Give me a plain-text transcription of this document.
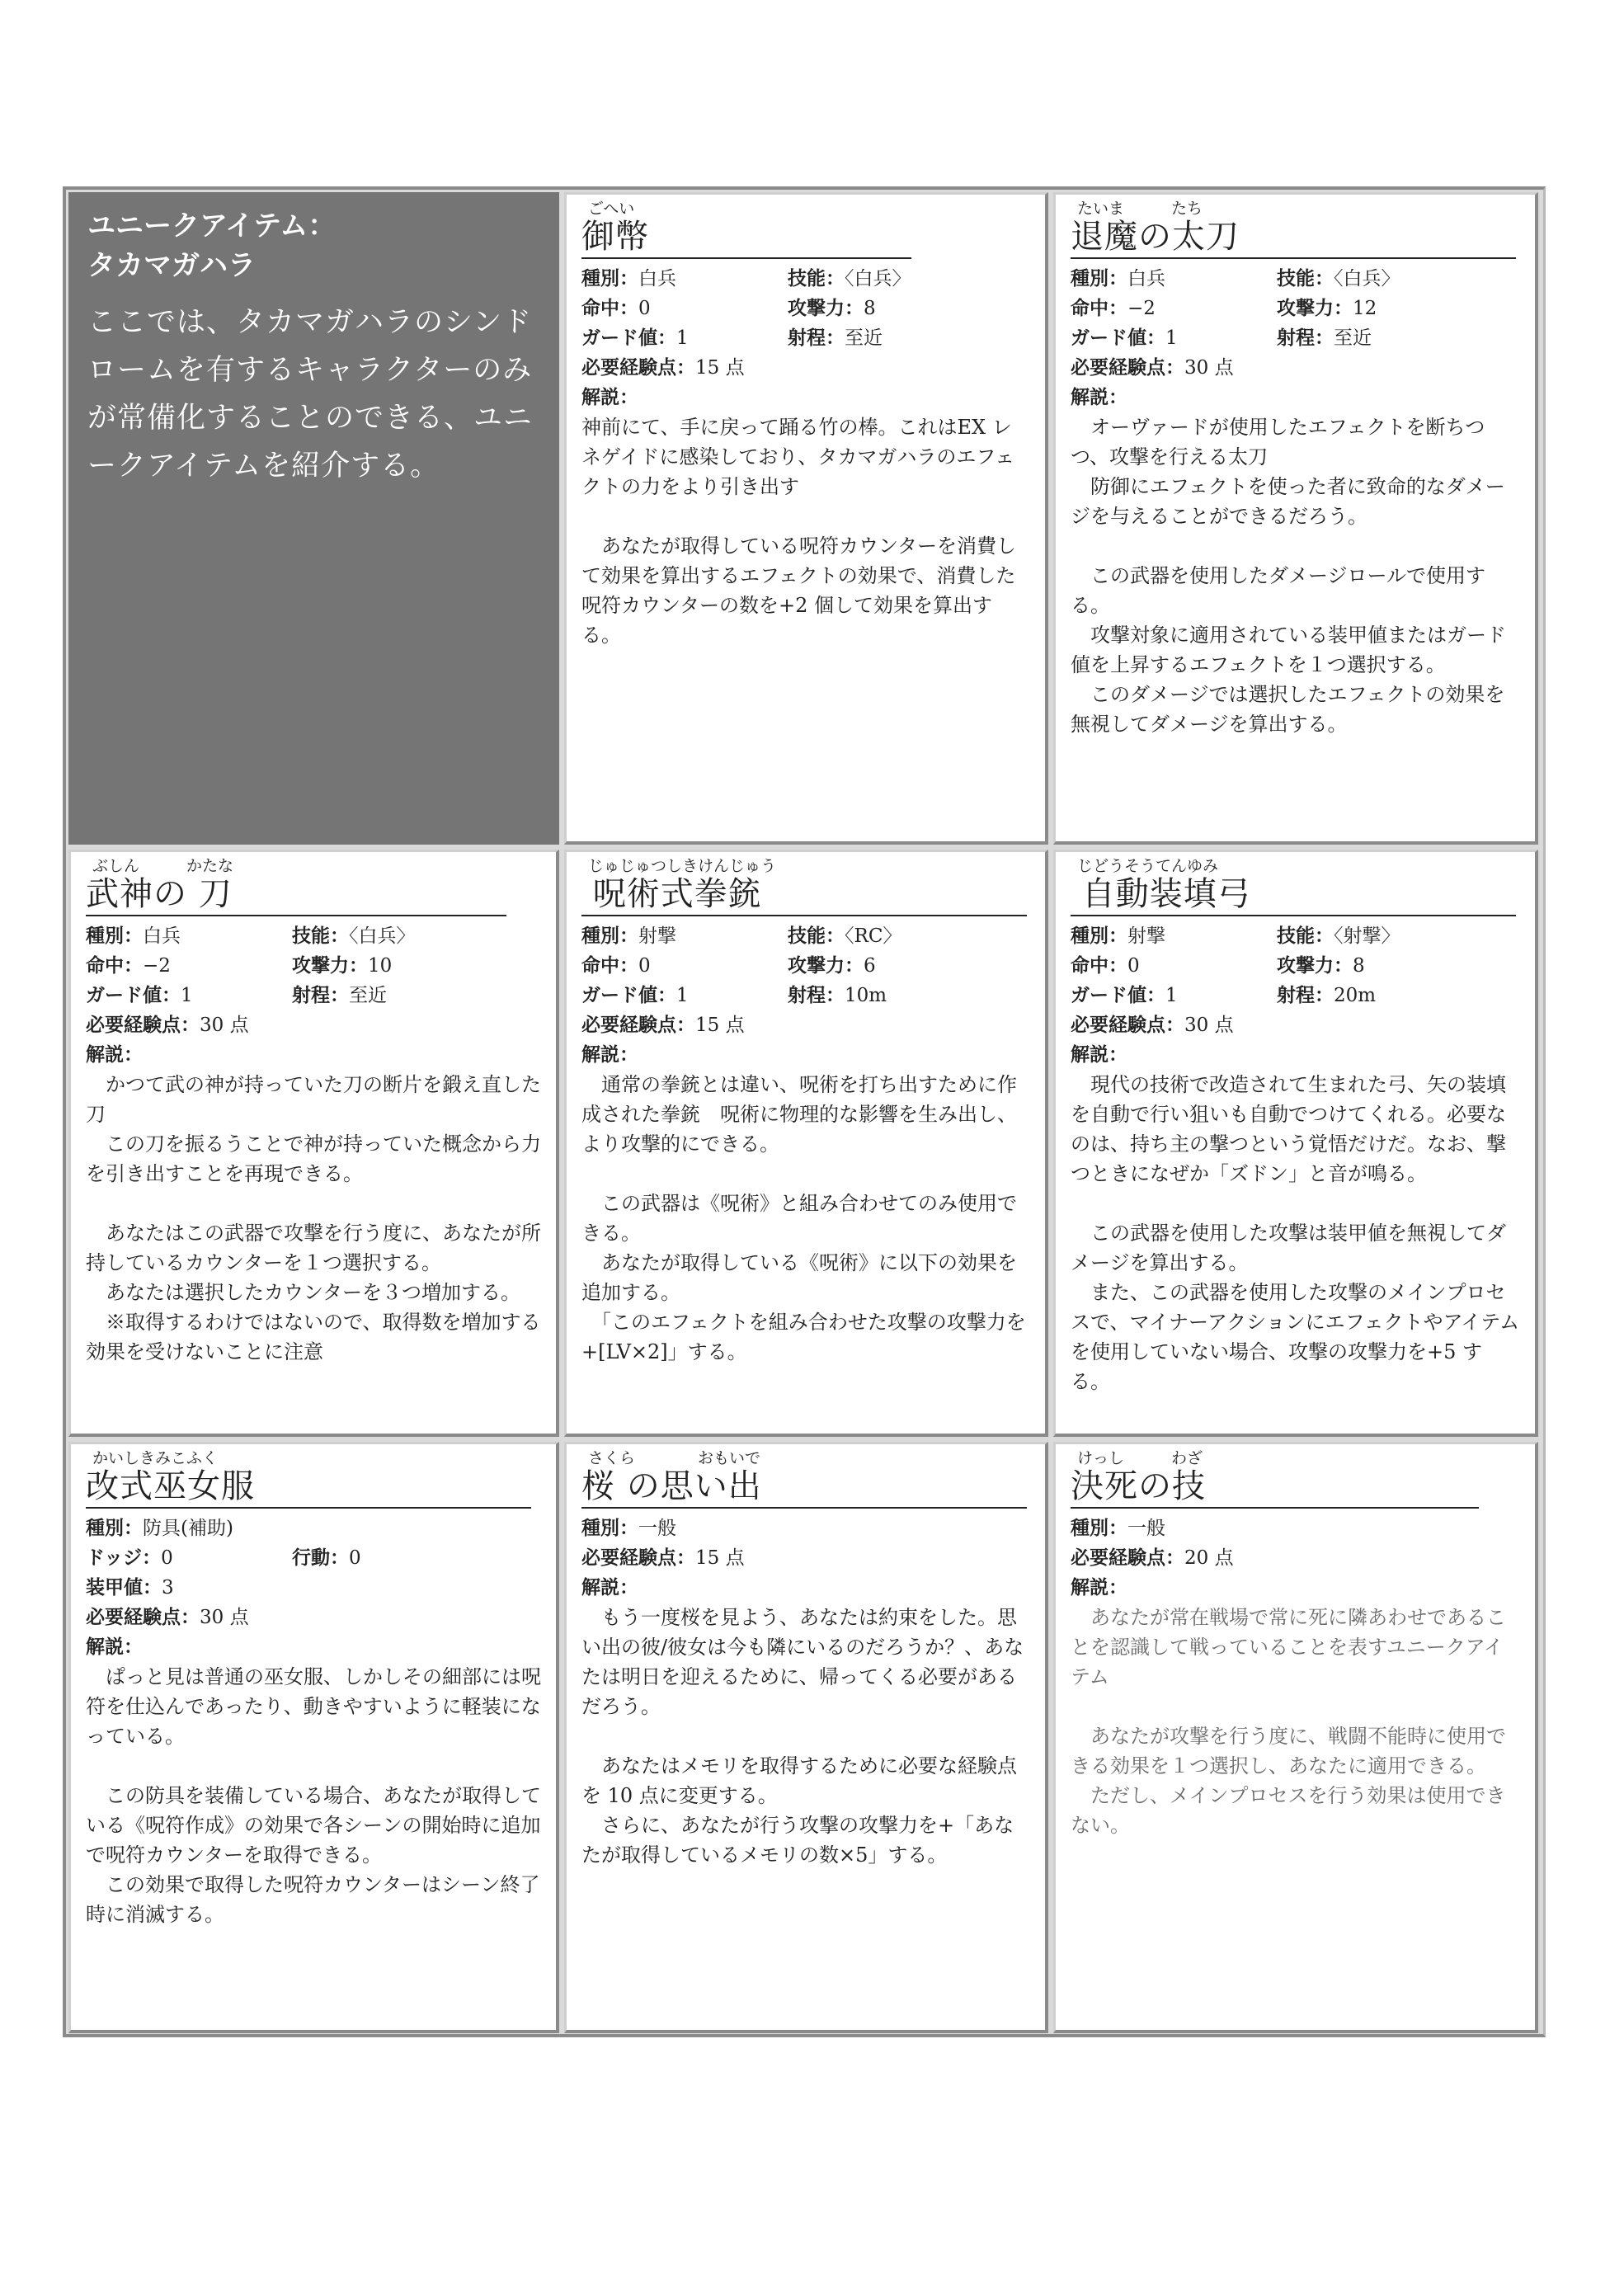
ユニークアイテム：
タカマガハラ
ここでは、タカマガハラのシンドロームを有するキャラクターのみが常備化することのできる、ユニークアイテムを紹介する。
ごへい
御幣
種別：白兵	技能：〈白兵〉
命中：0	攻撃力：8
ガード値：1	射程：至近
必要経験点：15 点
解説：
神前にて、手に戻って踊る竹の棒。これはEX レネゲイドに感染しており、タカマガハラのエフェクトの力をより引き出す

　あなたが取得している呪符カウンターを消費して効果を算出するエフェクトの効果で、消費した呪符カウンターの数を+2 個して効果を算出する。
たいま　　　たち
退魔の太刀
種別：白兵	技能：〈白兵〉
命中：−2	攻撃力：12
ガード値：1	射程：至近
必要経験点：30 点
解説：
　オーヴァードが使用したエフェクトを断ちつつ、攻撃を行える太刀
　防御にエフェクトを使った者に致命的なダメージを与えることができるだろう。

　この武器を使用したダメージロールで使用する。
　攻撃対象に適用されている装甲値またはガード値を上昇するエフェクトを１つ選択する。
　このダメージでは選択したエフェクトの効果を無視してダメージを算出する。
ぶしん　　　かたな
武神の 刀
種別：白兵	技能：〈白兵〉
命中：−2	攻撃力：10
ガード値：1	射程：至近
必要経験点：30 点
解説：
　かつて武の神が持っていた刀の断片を鍛え直した刀
　この刀を振るうことで神が持っていた概念から力を引き出すことを再現できる。

　あなたはこの武器で攻撃を行う度に、あなたが所持しているカウンターを１つ選択する。
　あなたは選択したカウンターを３つ増加する。
　※取得するわけではないので、取得数を増加する効果を受けないことに注意
じゅじゅつしきけんじゅう
呪術式拳銃
種別：射撃	技能：〈RC〉
命中：0	攻撃力：6
ガード値：1	射程：10m
必要経験点：15 点
解説：
　通常の拳銃とは違い、呪術を打ち出すために作成された拳銃　呪術に物理的な影響を生み出し、より攻撃的にできる。

　この武器は《呪術》と組み合わせてのみ使用できる。
　あなたが取得している《呪術》に以下の効果を追加する。
　「このエフェクトを組み合わせた攻撃の攻撃力を+[LV×2]」する。
じどうそうてんゆみ
自動装填弓
種別：射撃	技能：〈射撃〉
命中：0	攻撃力：8
ガード値：1	射程：20m
必要経験点：30 点
解説：
　現代の技術で改造されて生まれた弓、矢の装填を自動で行い狙いも自動でつけてくれる。必要なのは、持ち主の撃つという覚悟だけだ。なお、撃つときになぜか「ズドン」と音が鳴る。

　この武器を使用した攻撃は装甲値を無視してダメージを算出する。
　また、この武器を使用した攻撃のメインプロセスで、マイナーアクションにエフェクトやアイテムを使用していない場合、攻撃の攻撃力を+5 する。
かいしきみこふく
改式巫女服
種別：防具(補助)
ドッジ：0	行動：0
装甲値：3
必要経験点：30 点
解説：
　ぱっと見は普通の巫女服、しかしその細部には呪符を仕込んであったり、動きやすいように軽装になっている。

　この防具を装備している場合、あなたが取得している《呪符作成》の効果で各シーンの開始時に追加で呪符カウンターを取得できる。
　この効果で取得した呪符カウンターはシーン終了時に消滅する。
さくら　　　　おもいで
桜 の思い出
種別：一般
必要経験点：15 点
解説：
　もう一度桜を見よう、あなたは約束をした。思い出の彼/彼女は今も隣にいるのだろうか？、あなたは明日を迎えるために、帰ってくる必要があるだろう。

　あなたはメモリを取得するために必要な経験点を 10 点に変更する。
　さらに、あなたが行う攻撃の攻撃力を+「あなたが取得しているメモリの数×5」する。
けっし　　　わざ
決死の技
種別：一般
必要経験点：20 点
解説：
　あなたが常在戦場で常に死に隣あわせであることを認識して戦っていることを表すユニークアイテム

　あなたが攻撃を行う度に、戦闘不能時に使用できる効果を１つ選択し、あなたに適用できる。
　ただし、メインプロセスを行う効果は使用できない。
